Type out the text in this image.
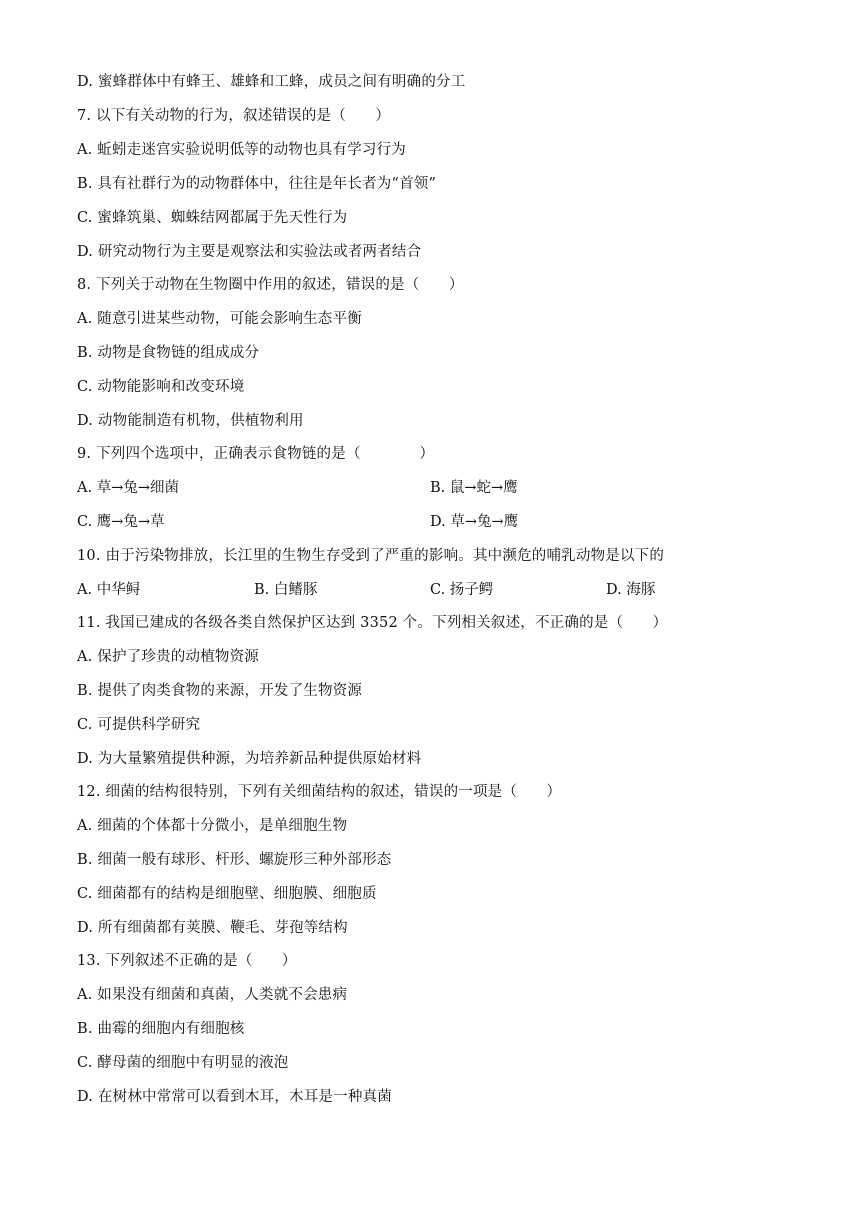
D. 蜜蜂群体中有蜂王、雄蜂和工蜂，成员之间有明确的分工
7. 以下有关动物的行为，叙述错误的是（　　）
A. 蚯蚓走迷宫实验说明低等的动物也具有学习行为
B. 具有社群行为的动物群体中，往往是年长者为“首领”
C. 蜜蜂筑巢、蜘蛛结网都属于先天性行为
D. 研究动物行为主要是观察法和实验法或者两者结合
8. 下列关于动物在生物圈中作用的叙述，错误的是（　　）
A. 随意引进某些动物，可能会影响生态平衡
B. 动物是食物链的组成成分
C. 动物能影响和改变环境
D. 动物能制造有机物，供植物利用
9. 下列四个选项中，正确表示食物链的是（　　　　）
A. 草→兔→细菌	B. 鼠→蛇→鹰
C. 鹰→兔→草	D. 草→兔→鹰
10. 由于污染物排放，长江里的生物生存受到了严重的影响。其中濒危的哺乳动物是以下的
A. 中华鲟	B. 白鳍豚	C. 扬子鳄	D. 海豚
11. 我国已建成的各级各类自然保护区达到 3352 个。下列相关叙述，不正确的是（　　）
A. 保护了珍贵的动植物资源
B. 提供了肉类食物的来源，开发了生物资源
C. 可提供科学研究
D. 为大量繁殖提供种源，为培养新品种提供原始材料
12. 细菌的结构很特别，下列有关细菌结构的叙述，错误的一项是（　　）
A. 细菌的个体都十分微小，是单细胞生物
B. 细菌一般有球形、杆形、螺旋形三种外部形态
C. 细菌都有的结构是细胞壁、细胞膜、细胞质
D. 所有细菌都有荚膜、鞭毛、芽孢等结构
13. 下列叙述不正确的是（　　）
A. 如果没有细菌和真菌，人类就不会患病
B. 曲霉的细胞内有细胞核
C. 酵母菌的细胞中有明显的液泡
D. 在树林中常常可以看到木耳，木耳是一种真菌
